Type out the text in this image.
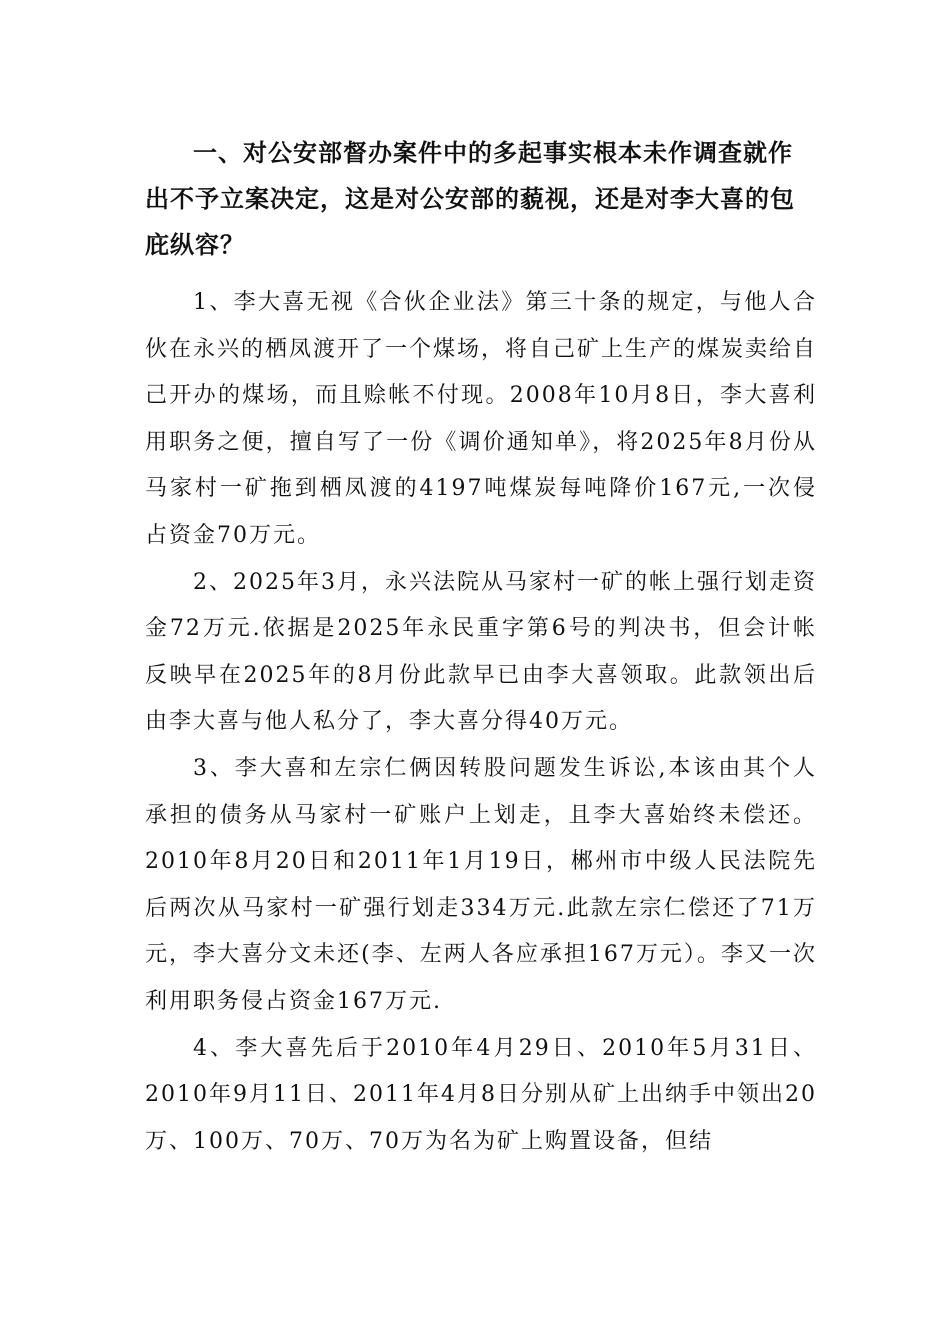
一、对公安部督办案件中的多起事实根本未作调查就作出不予立案决定，这是对公安部的藐视，还是对李大喜的包庇纵容？

1、李大喜无视《合伙企业法》第三十条的规定，与他人合伙在永兴的栖凤渡开了一个煤场，将自己矿上生产的煤炭卖给自己开办的煤场，而且赊帐不付现。2008年10月8日，李大喜利用职务之便，擅自写了一份《调价通知单》，将2025年8月份从马家村一矿拖到栖凤渡的4197吨煤炭每吨降价167元,一次侵占资金70万元。

2、2025年3月，永兴法院从马家村一矿的帐上强行划走资金72万元.依据是2025年永民重字第6号的判决书，但会计帐反映早在2025年的8月份此款早已由李大喜领取。此款领出后由李大喜与他人私分了，李大喜分得40万元。

3、李大喜和左宗仁俩因转股问题发生诉讼,本该由其个人承担的债务从马家村一矿账户上划走，且李大喜始终未偿还。 2010年8月20日和2011年1月19日，郴州市中级人民法院先后两次从马家村一矿强行划走334万元.此款左宗仁偿还了71万元，李大喜分文未还(李、左两人各应承担167万元）。李又一次利用职务侵占资金167万元.

4、李大喜先后于2010年4月29日、2010年5月31日、2010年9月11日、2011年4月8日分别从矿上出纳手中领出20万、100万、70万、70万为名为矿上购置设备，但结
